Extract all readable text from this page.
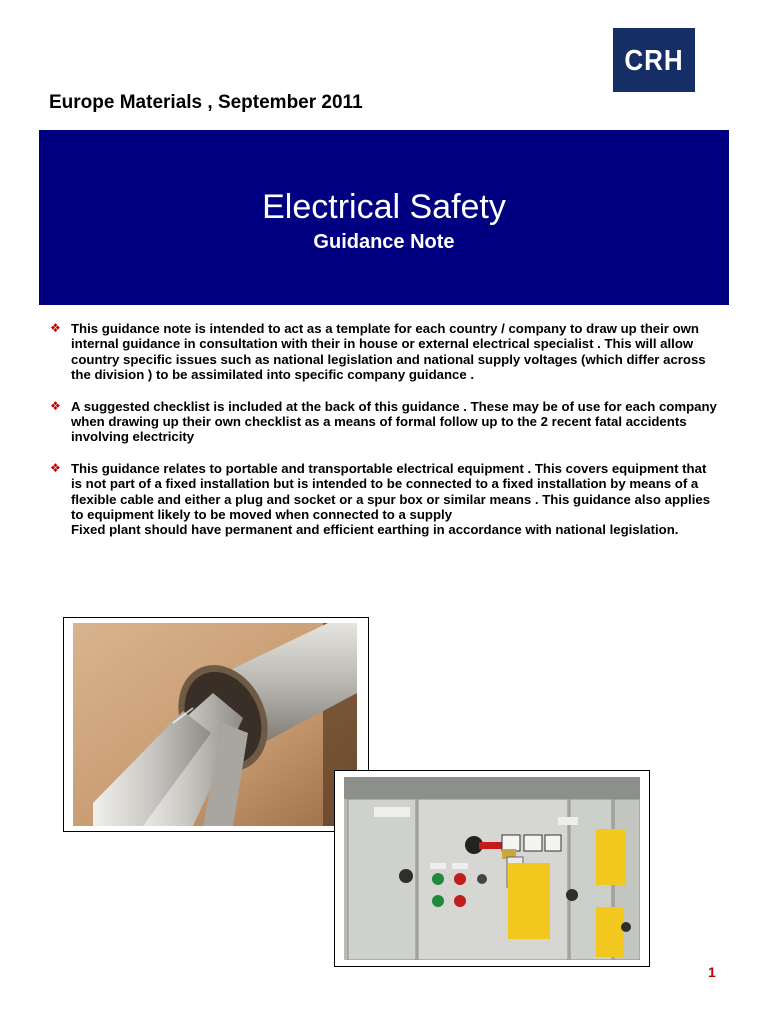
CRH
Europe Materials , September 2011
Electrical Safety
Guidance Note
❖ This guidance note is intended to act as a template for each country / company to draw up their own internal guidance in consultation with their in house or external electrical specialist . This will allow country specific issues such as national legislation and national supply voltages (which differ across the division ) to be assimilated into specific company guidance .

❖ A suggested checklist is included at the back of this guidance . These may be of use for each company when drawing up their own checklist as a means of formal follow up to the 2 recent fatal accidents involving electricity

❖ This guidance relates to portable and transportable electrical equipment . This covers equipment that is not part of a fixed installation but is intended to be connected to a fixed installation by means of a flexible cable and either a plug and socket or a spur box or similar means . This guidance also applies to equipment likely to be moved when connected to a supply

Fixed plant should have permanent and efficient earthing in accordance with national legislation.

1
